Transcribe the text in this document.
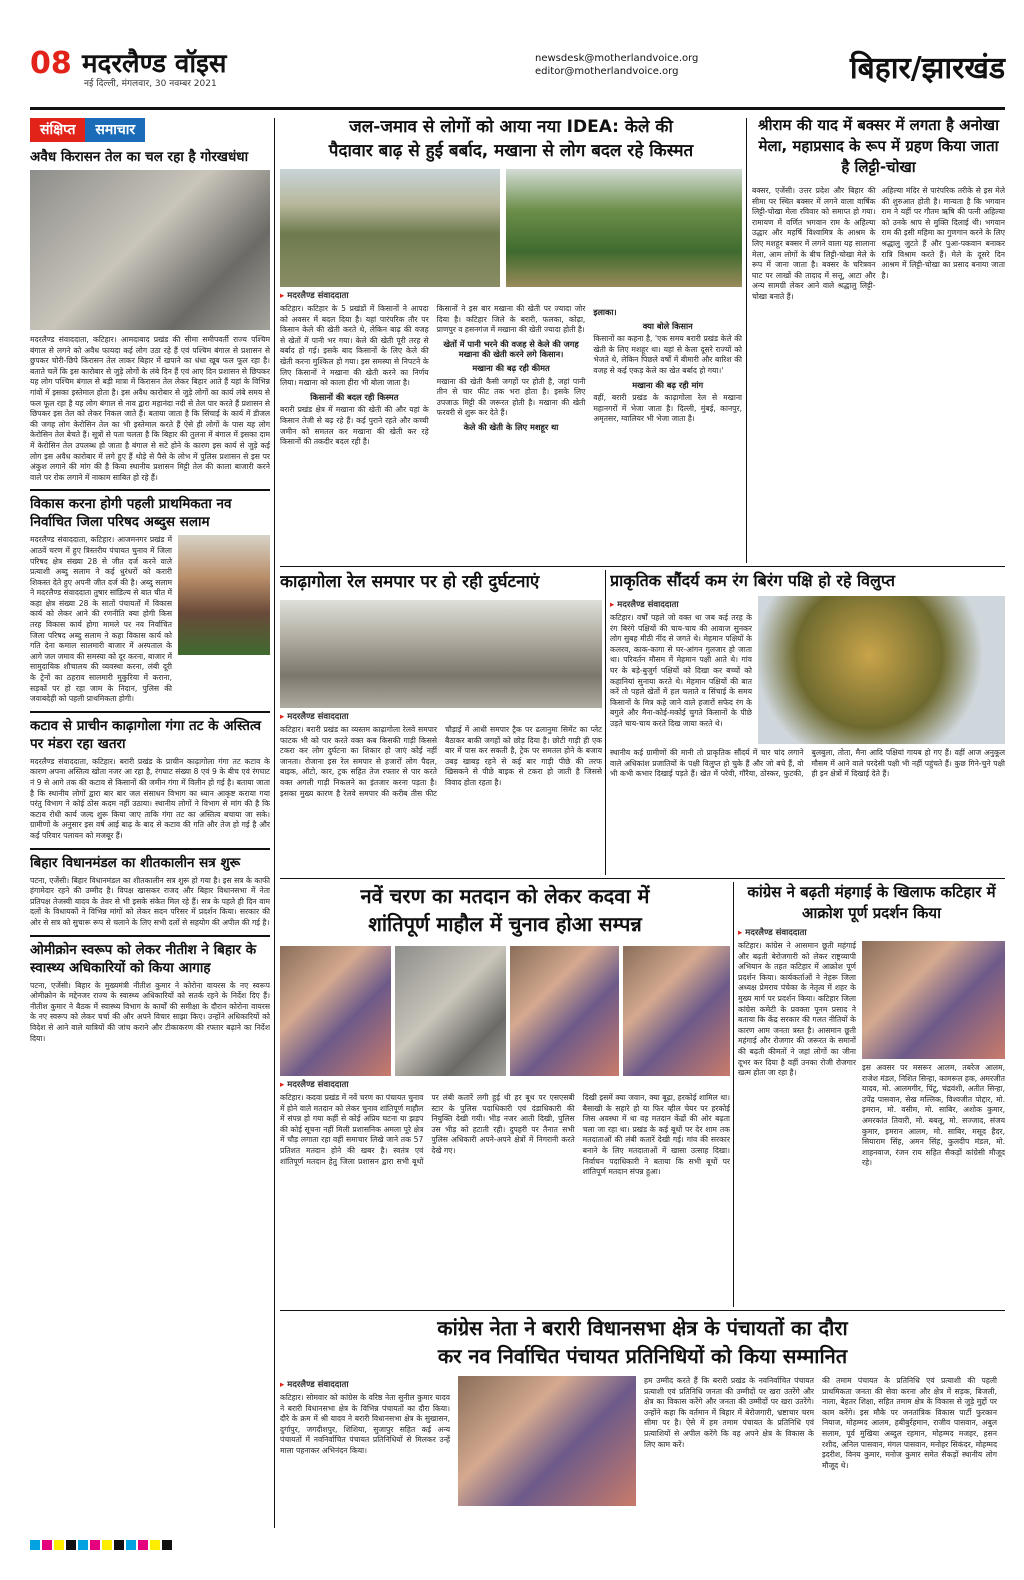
08 मदरलैण्ड वॉइस
नई दिल्ली, मंगलवार, 30 नवम्बर 2021
newsdesk@motherlandvoice.org
editor@motherlandvoice.org	बिहार/झारखंड
संक्षिप्त	समाचार
अवैध किरासन तेल का चल रहा है गोरखधंधा
मदरलैण्ड संवाददाता, कटिहार। आमदाबाद प्रखंड की सीमा समीपवर्ती राज्य पश्चिम बंगाल से लगने को अवैध फायदा कई लोग उठा रहे हैं एवं पश्चिम बंगाल से प्रशासन से छुपकर चोरी-छिपे किरासन तेल लाकर बिहार में खपाने का धंधा खूब फल फूल रहा है। बताते चलें कि इस कारोबार से जुड़े लोगों के लंबे दिन हैं एवं आए दिन प्रशासन से छिपकर यह लोग पश्चिम बंगाल से बड़ी मात्रा में किरासन तेल लेकर बिहार आते हैं यहां के विभिन्न गांवों में इसका इस्तेमाल होता है। इस अवैध कारोबार से जुड़े लोगों का कार्य लंबे समय से फल फूल रहा है यह लोग बंगाल से नाव द्वारा महानंदा नदी से तेल पार करते हैं प्रशासन से छिपकर इस तेल को लेकर निकल जाते हैं। बताया जाता है कि सिंचाई के कार्य में डीजल की जगह लोग केरोसिन तेल का भी इस्तेमाल करते हैं ऐसे ही लोगों के पास यह लोग केरोसिन तेल बेचते हैं। सूत्रों से पता चलता है कि बिहार की तुलना में बंगाल में इसका दाम में केरोसिन तेल उपलब्ध हो जाता है बंगाल से सटे होने के कारण इस कार्य से जुड़े कई लोग इस अवैध कारोबार में लगे हुए हैं थोड़े से पैसे के लोभ में पुलिस प्रशासन से इस पर अंकुश लगाने की मांग की है किया स्थानीय प्रशासन मिट्टी तेल की काला बाजारी करने वाले पर रोक लगाने में नाकाम साबित हो रहे हैं।
विकास करना होगी पहली प्राथमिकता नव निर्वाचित जिला परिषद अब्दुस सलाम
मदरलैण्ड संवाददाता, कटिहार। आजमनगर प्रखंड में आठवें चरण में हुए त्रिस्तरीय पंचायत चुनाव में जिला परिषद क्षेत्र संख्या 28 से जीत दर्ज करने वाले प्रत्याशी अब्दु सलाम ने कई धुरंधरों को करारी शिकस्त देते हुए अपनी जीत दर्ज की है। अब्दु सलाम ने मदरलैण्ड संवाददाता तुषार सांडिल्य से बात चीत में कहा क्षेत्र संख्या 28 के सातों पंचायतों में विकास कार्य को लेकर आने की रणनीति क्या होगी किस तरह विकास कार्य होगा मामले पर नव निर्वाचित जिला परिषद अब्दु सलाम ने कहा विकास कार्य को गति देना कमाल सालमारी बाजार में अस्पताल के आगे जल जमाव की समस्या को दूर करना, बाजार में सामुदायिक शौचालय की व्यवस्था करना, लंबी दूरी के ट्रेनों का ठहराव सालमारी मुकुरिया में कराना, सड़कों पर हो रहा जाम के निदान, पुलिस की जवाबदेही को पहली प्राथमिकता होगी।
कटाव से प्राचीन काढ़ागोला गंगा तट के अस्तित्व पर मंडरा रहा खतरा
मदरलैण्ड संवाददाता, कटिहार। बरारी प्रखंड के प्राचीन काढ़ागोला गंगा तट कटाव के कारण अपना अस्तित्व खोता नजर आ रहा है, रंगघाट संख्या 8 एवं 9 के बीच एवं रंगघाट नं 9 से आगे तक की कटाव से किसानों की जमीन गंगा में विलीन हो गई है। बताया जाता है कि स्थानीय लोगों द्वारा बार बार जल संसाधन विभाग का ध्यान आकृष्ट कराया गया परंतु विभाग ने कोई ठोस कदम नहीं उठाया। स्थानीय लोगों ने विभाग से मांग की है कि कटाव रोधी कार्य जल्द शुरू किया जाए ताकि गंगा तट का अस्तित्व बचाया जा सके। ग्रामीणों के अनुसार इस वर्ष आई बाढ़ के बाद से कटाव की गति और तेज हो गई है और कई परिवार पलायन को मजबूर हैं।
बिहार विधानमंडल का शीतकालीन सत्र शुरू
पटना, एजेंसी। बिहार विधानमंडल का शीतकालीन सत्र शुरू हो गया है। इस सत्र के काफी हंगामेदार रहने की उम्मीद है। विपक्ष खासकर राजद और बिहार विधानसभा में नेता प्रतिपक्ष तेजस्वी यादव के तेवर से भी इसके संकेत मिल रहे हैं। सत्र के पहले ही दिन वाम दलों के विधायकों ने विभिन्न मांगों को लेकर सदन परिसर में प्रदर्शन किया। सरकार की ओर से सत्र को सुचारू रूप से चलाने के लिए सभी दलों से सहयोग की अपील की गई है।
ओमीक्रोन स्वरूप को लेकर नीतीश ने बिहार के स्वास्थ्य अधिकारियों को किया आगाह
पटना, एजेंसी। बिहार के मुख्यमंत्री नीतीश कुमार ने कोरोना वायरस के नए स्वरूप ओमीक्रोन के मद्देनजर राज्य के स्वास्थ्य अधिकारियों को सतर्क रहने के निर्देश दिए हैं। नीतीश कुमार ने बैठक में स्वास्थ्य विभाग के कार्यों की समीक्षा के दौरान कोरोना वायरस के नए स्वरूप को लेकर चर्चा की और अपने विचार साझा किए। उन्होंने अधिकारियों को विदेश से आने वाले यात्रियों की जांच कराने और टीकाकरण की रफ्तार बढ़ाने का निर्देश दिया।
जल-जमाव से लोगों को आया नया IDEA: केले की
पैदावार बाढ़ से हुई बर्बाद, मखाना से लोग बदल रहे किस्मत
▸ मदरलैण्ड संवाददाता

कटिहार। कटिहार के 5 प्रखंडों में किसानों ने आपदा को अवसर में बदल दिया है। यहां पारंपरिक तौर पर किसान केले की खेती करते थे, लेकिन बाढ़ की वजह से खेतों में पानी भर गया। केले की खेती पूरी तरह से बर्बाद हो गई। इसके बाद किसानों के लिए केले की खेती करना मुश्किल हो गया। इस समस्या से निपटने के लिए किसानों ने मखाना की खेती करने का निर्णय लिया। मखाना को काला हीरा भी बोला जाता है।

किसानों की बदल रही किस्मत

बरारी प्रखंड क्षेत्र में मखाना की खेती की और यहां के किसान तेजी से बढ़ रहे हैं। कई पुराने रहते और कच्ची जमीन को समतल कर मखाना की खेती कर रहे किसानों की तकदीर बदल रही है।

किसानों ने इस बार मखाना की खेती पर ज्यादा जोर दिया है। कटिहार जिले के बरारी, फलका, कोढ़ा, प्राणपुर व हसनगंज में मखाना की खेती ज्यादा होती है।

खेतों में पानी भरने की वजह से केले की जगह मखाना की खेती करने लगे किसान।
मखाना की बढ़ रही कीमत

मखाना की खेती कैसी जगहों पर होती है, जहां पानी तीन से चार फीट तक भरा होता है। इसके लिए उपजाऊ मिट्टी की जरूरत होती है। मखाना की खेती फरवरी से शुरू कर देते हैं।

केले की खेती के लिए मशहूर था
इलाका।
क्या बोले किसान

किसानों का कहना है, 'एक समय बरारी प्रखंड केले की खेती के लिए मशहूर था। यहां से केला दूसरे राज्यों को भेजते थे, लेकिन पिछले वर्षों में बीमारी और बारिश की वजह से कई एकड़ केले का खेत बर्बाद हो गया।'

मखाना की बढ़ रही मांग

वहीं, बरारी प्रखंड के काढ़ागोला रेल से मखाना महानगरों में भेजा जाता है। दिल्ली, मुंबई, कानपुर, अमृतसर, ग्वालियर भी भेजा जाता है।

श्रीराम की याद में बक्सर में लगता है अनोखा मेला, महाप्रसाद के रूप में ग्रहण किया जाता है लिट्टी-चोखा
बक्सर, एजेंसी। उत्तर प्रदेश और बिहार की सीमा पर स्थित बक्सर में लगने वाला वार्षिक लिट्टी-चोखा मेला रविवार को समाप्त हो गया। रामायण में वर्णित भगवान राम के अहिल्या उद्धार और महर्षि विश्वामित्र के आश्रम के लिए मशहूर बक्सर में लगने वाला यह सालाना मेला, आम लोगों के बीच लिट्टी-चोखा मेले के रूप में जाना जाता है। बक्सर के चरित्रवन घाट पर लाखों की तादाद में सत्तू, आटा और अन्य सामग्री लेकर आने वाले श्रद्धालु लिट्टी-चोखा बनाते हैं।
अहिल्या मंदिर से पारंपरिक तरीके से इस मेले की शुरुआत होती है। मान्यता है कि भगवान राम ने यहीं पर गौतम ऋषि की पत्नी अहिल्या को उनके श्राप से मुक्ति दिलाई थी। भगवान राम की इसी महिमा का गुणगान करने के लिए श्रद्धालु जुटते हैं और पुआ-पकवान बनाकर रात्रि विश्राम करते हैं। मेले के दूसरे दिन आश्रम में लिट्टी-चोखा का प्रसाद बनाया जाता है।
काढ़ागोला रेल समपार पर हो रही दुर्घटनाएं
▸ मदरलैण्ड संवाददाता
कटिहार। बरारी प्रखंड का व्यस्तम काढ़ागोला रेलवे समपार फाटक भी को पार करते वक्त कब किसकी गाड़ी किससे टकरा कर लोग दुर्घटना का शिकार हो जाएं कोई नहीं जानता। रोजाना इस रेल समपार से हजारों लोग पैदल, बाइक, ऑटो, कार, ट्रक सहित तेज रफ्तार से पार करते वक्त अगली गाड़ी निकलने का इंतजार करना पड़ता है। इसका मुख्य कारण है रेलवे समपार की करीब तीस फीट चौड़ाई में आधी समपार ट्रैक पर ढलानुमा सिमेंट का प्लेट बैठाकर बाकी जगहों को छोड़ दिया है। छोटी गाड़ी ही एक बार में पास कर सकती है, ट्रेक पर समतल होने के बजाय उबड़ खाबड़ रहने से कई बार गाड़ी पीछे की तरफ खिसकने से पीछे बाइक से टकरा हो जाती है जिससे विवाद होता रहता है।
प्राकृतिक सौंदर्य कम रंग बिरंग पक्षि हो रहे विलुप्त
▸ मदरलैण्ड संवाददाता
कटिहार। वर्षों पहले जो वक्त था जब कई तरह के रंग बिरंगे पक्षियों की चाय-चाय की आवाज सुनकर लोग सुबह मीठी नींद से जगते थे। मेहमान पक्षियों के कलरव, काक-कागा से घर-आंगन गुलजार हो जाता था। परिवर्तन मौसम में मेहमान पक्षी आते थे। गांव घर के बड़े-बुजुर्ग पक्षियों को दिखा कर बच्चों को कहानियां सुनाया करते थे। मेहमान पक्षियों की बात करें तो पहले खेतों में हल चलाते व सिंचाई के समय किसानों के मित्र कहे जाने वाले हजारों सफेद रंग के बगुले और मैना-कोई-मकोई चुगते किसानों के पीछे उड़ते चाय-चाय करते दिख जाया करते थे।
स्थानीय कई ग्रामीणों की मानी तो प्राकृतिक सौंदर्य में चार चांद लगाने वाले अधिकांश प्रजातियों के पक्षी विलुप्त हो चुके हैं और जो बचे हैं, वो भी कभी कभार दिखाई पड़ते हैं। खेत में परेवी, गौरैया, ठोस्कर, फुटकी, बुलबुला, तोता, मैना आदि पक्षियां गायब हो गए हैं। वहीं आज अनुकूल मौसम में आने वाले परदेसी पक्षी भी नहीं पहुंचते हैं। कुछ गिने-चुने पक्षी ही इन क्षेत्रों में दिखाई देते हैं।
नवें चरण का मतदान को लेकर कदवा में
शांतिपूर्ण माहौल में चुनाव होआ सम्पन्न
▸ मदरलैण्ड संवाददाता
कटिहार। कदवा प्रखंड में नवें चरण का पंचायत चुनाव में होने वाले मतदान को लेकर चुनाव शांतिपूर्ण माहौल में संपन्न हो गया कहीं से कोई अप्रिय घटना या झड़प की कोई सूचना नहीं मिली प्रशासनिक अमला पूरे क्षेत्र में चौड़ लगाता रहा वहीं समाचार लिखे जाने तक 57 प्रतिशत मतदान होने की खबर है। स्वतंत्र एवं शांतिपूर्ण मतदान हेतु जिला प्रशासन द्वारा सभी बूथों पर लंबी कतारें लगी हुई थी हर बूथ पर एसएसबी स्टार के पुलिस पदाधिकारी एवं दंडाधिकारी की नियुक्ति देखी गयी। भीड़ नजर आती दिखी, पुलिस उस भीड़ को हटाती रही। दुपहरी पर तैनात सभी पुलिस अधिकारी अपने-अपने क्षेत्रों में निगरानी करते देखे गए।
दिखी इसमें क्या जवान, क्या बूढ़ा, हरकोई शामिल था। बैसाखी के सहारे हो या फिर व्हील चेयर पर हरकोई जिस अवस्था में था वह मतदान केंद्रों की ओर बढ़ता चला जा रहा था। प्रखंड के कई बूथों पर देर शाम तक मतदाताओं की लंबी कतारें देखी गई। गांव की सरकार बनाने के लिए मतदाताओं में खासा उत्साह दिखा। निर्वाचन पदाधिकारी ने बताया कि सभी बूथों पर शांतिपूर्ण मतदान संपन्न हुआ।
कांग्रेस ने बढ़ती मंहगाई के खिलाफ कटिहार में आक्रोश पूर्ण प्रदर्शन किया
▸ मदरलैण्ड संवाददाता
कटिहार। कांग्रेस ने आसमान छूती महंगाई और बढ़ती बेरोजगारी को लेकर राष्ट्रव्यापी अभियान के तहत कटिहार में आक्रोश पूर्ण प्रदर्शन किया। कार्यकर्ताओं ने नेहरू जिला अध्यक्ष प्रेमराय पंचेका के नेतृत्व में शहर के मुख्य मार्ग पर प्रदर्शन किया। कटिहार जिला कांग्रेस कमेटी के प्रवक्ता पूनम प्रसाद ने बताया कि केंद्र सरकार की गलत नीतियों के कारण आम जनता त्रस्त है। आसमान छूती महंगाई और रोजगार की जरूरत के समानों की बढ़ती कीमतों ने जहां लोगों का जीना दूभर कर दिया है वहीं उनका रोजी रोजगार खत्म होता जा रहा है।
इस अवसर पर मसरूर आलम, तबरेज आलम, राजेश मंडल, निशित सिन्हा, कामरूल हक, अमरजीत यादव, मो. आलमगीर, पिंटू, चंद्रवंशी, अतीत सिन्हा, उपेंद्र पासवान, सेख मल्लिक, विश्वजीत पोद्दार, मो. इमरान, मो. वसीम, मो. साबिर, अशोक कुमार, अमरकांत तिवारी, मो. बबलू, मो. सज्जाद, संजय कुमार, इमरान आलम, मो. साबिर, मसूद हैदर, सियाराम सिंह, अमन सिंह, कुलदीप मंडल, मो. शाहनवाज, रंजन राय सहित सैकड़ों कांग्रेसी मौजूद रहे।
कांग्रेस नेता ने बरारी विधानसभा क्षेत्र के पंचायतों का दौरा
कर नव निर्वाचित पंचायत प्रतिनिधियों को किया सम्मानित
▸ मदरलैण्ड संवाददाता
कटिहार। सोमवार को कांग्रेस के वरिष्ठ नेता सुनील कुमार यादव ने बरारी विधानसभा क्षेत्र के विभिन्न पंचायतों का दौरा किया। दौरे के क्रम में श्री यादव ने बरारी विधानसभा क्षेत्र के सुखासन, दुर्गापुर, जगदीशपुर, शिशिया, सुजापुर सहित कई अन्य पंचायतों में नवनिर्वाचित पंचायत प्रतिनिधियों से मिलकर उन्हें माला पहनाकर अभिनंदन किया।
हम उम्मीद करते हैं कि बरारी प्रखंड के नवनिर्वाचित पंचायत प्रत्याशी एवं प्रतिनिधि जनता की उम्मीदों पर खरा उतरेंगे और क्षेत्र का विकास करेंगे और जनता की उम्मीदों पर खरा उतरेंगे। उन्होंने कहा कि वर्तमान में बिहार में बेरोजगारी, भ्रष्टाचार चरम सीमा पर है। ऐसे में हम तमाम पंचायत के प्रतिनिधि एवं प्रत्याशियों से अपील करेंगे कि वह अपने क्षेत्र के विकास के लिए काम करें।
की तमाम पंचायत के प्रतिनिधि एवं प्रत्याशी की पहली प्राथमिकता जनता की सेवा करना और क्षेत्र में सड़क, बिजली, नाला, बेहतर शिक्षा, सहित तमाम क्षेत्र के विकास से जुड़े मुद्दों पर काम करेंगे। इस मौके पर जनतांत्रिक विकास पार्टी फुरकान नियाज, मोहम्मद आलम, हबीबुर्रहमान, राजीव पासवान, अबुल सलाम, पूर्व मुखिया अब्दुल रहमान, मोहम्मद मजहर, हसन रशीद, अनिल पासवान, मंगल पासवान, मनोहर सिकंदर, मोहम्मद इदरीश, विनय कुमार, मनोज कुमार समेत सैकड़ों स्थानीय लोग मौजूद थे।
